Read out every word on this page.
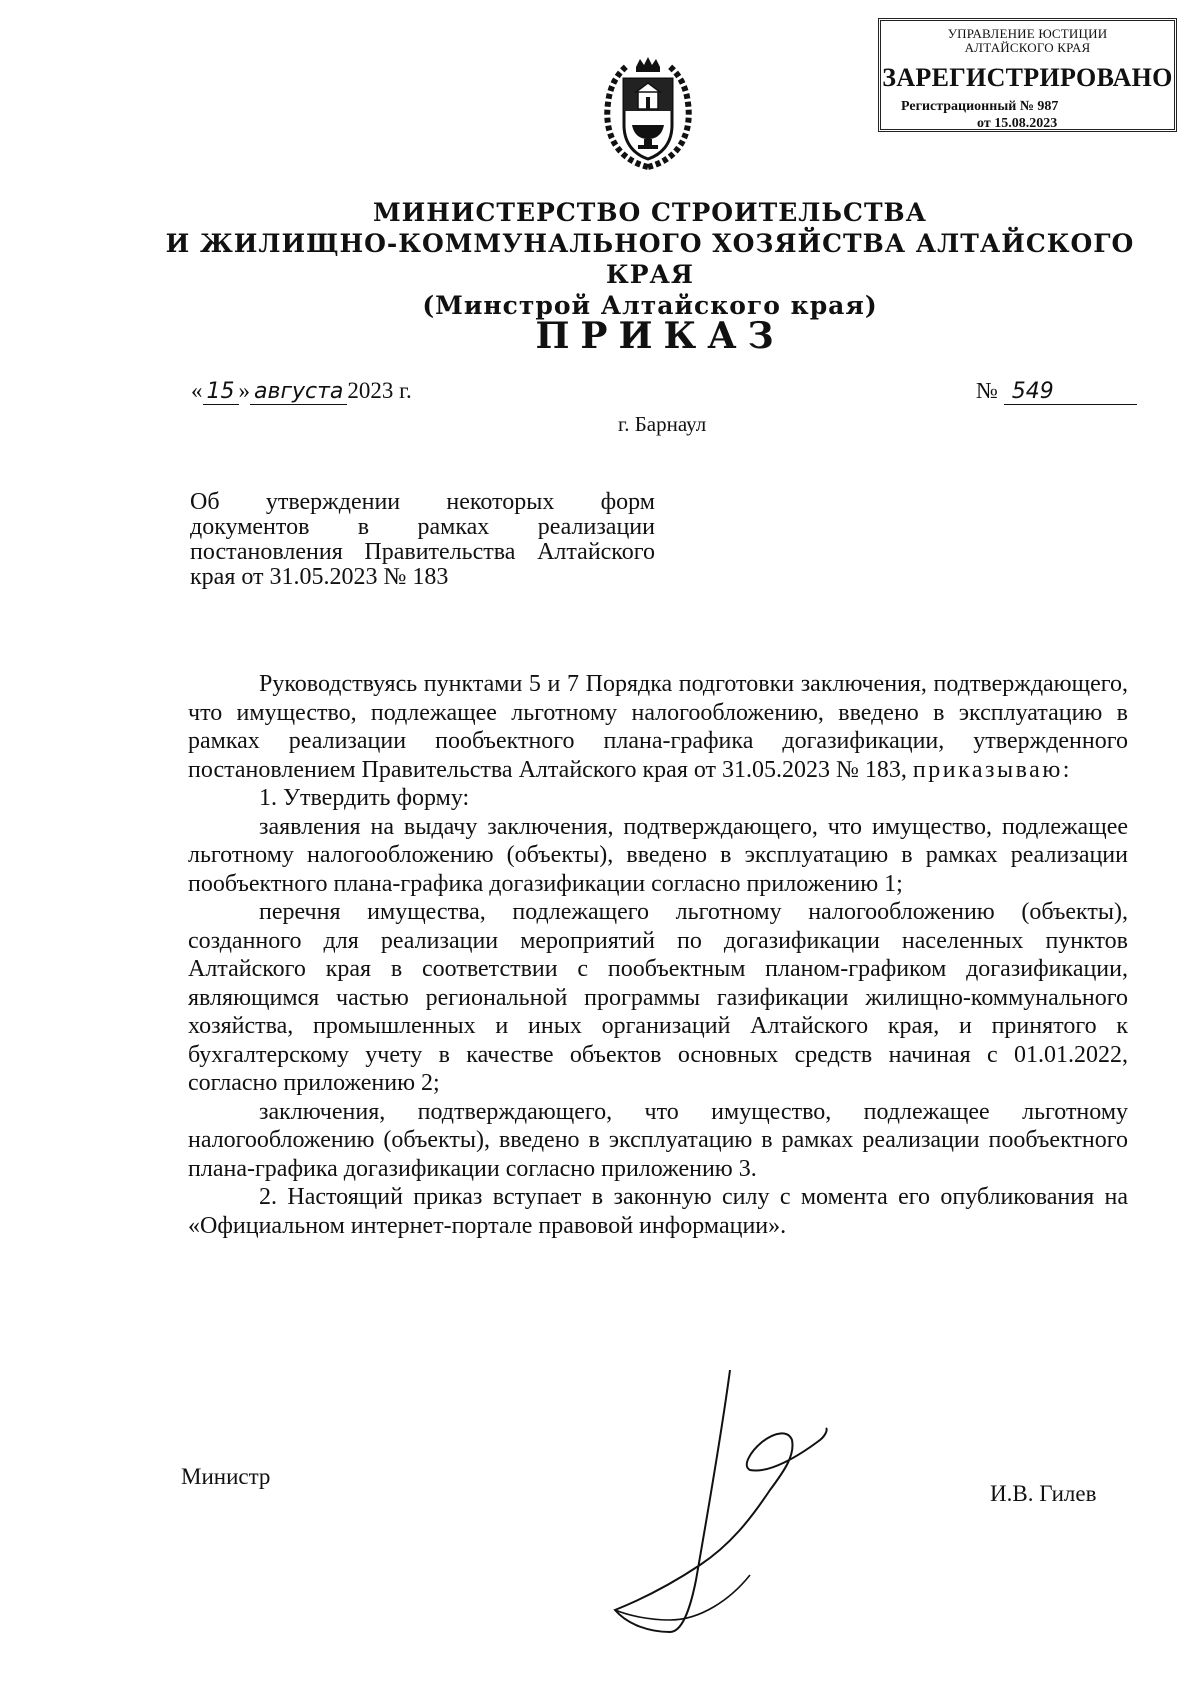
УПРАВЛЕНИЕ ЮСТИЦИИ
АЛТАЙСКОГО КРАЯ
ЗАРЕГИСТРИРОВАНО
Регистрационный № 987
от 15.08.2023
МИНИСТЕРСТВО СТРОИТЕЛЬСТВА
И ЖИЛИЩНО-КОММУНАЛЬНОГО ХОЗЯЙСТВА АЛТАЙСКОГО КРАЯ
(Минстрой Алтайского края)
ПРИКАЗ
« 15 » августа 2023 г.	№ 549
г. Барнаул
Об утверждении некоторых форм документов в рамках реализации постановления Правительства Алтайского края от 31.05.2023 № 183

Руководствуясь пунктами 5 и 7 Порядка подготовки заключения, подтверждающего, что имущество, подлежащее льготному налогообложению, введено в эксплуатацию в рамках реализации пообъектного плана-графика догазификации, утвержденного постановлением Правительства Алтайского края от 31.05.2023 № 183, приказываю:

1. Утвердить форму:

заявления на выдачу заключения, подтверждающего, что имущество, подлежащее льготному налогообложению (объекты), введено в эксплуатацию в рамках реализации пообъектного плана-графика догазификации согласно приложению 1;

перечня имущества, подлежащего льготному налогообложению (объекты), созданного для реализации мероприятий по догазификации населенных пунктов Алтайского края в соответствии с пообъектным планом-графиком догазификации, являющимся частью региональной программы газификации жилищно-коммунального хозяйства, промышленных и иных организаций Алтайского края, и принятого к бухгалтерскому учету в качестве объектов основных средств начиная с 01.01.2022, согласно приложению 2;

заключения, подтверждающего, что имущество, подлежащее льготному налогообложению (объекты), введено в эксплуатацию в рамках реализации пообъектного плана-графика догазификации согласно приложению 3.

2. Настоящий приказ вступает в законную силу с момента его опубликования на «Официальном интернет-портале правовой информации».

Министр
И.В. Гилев
